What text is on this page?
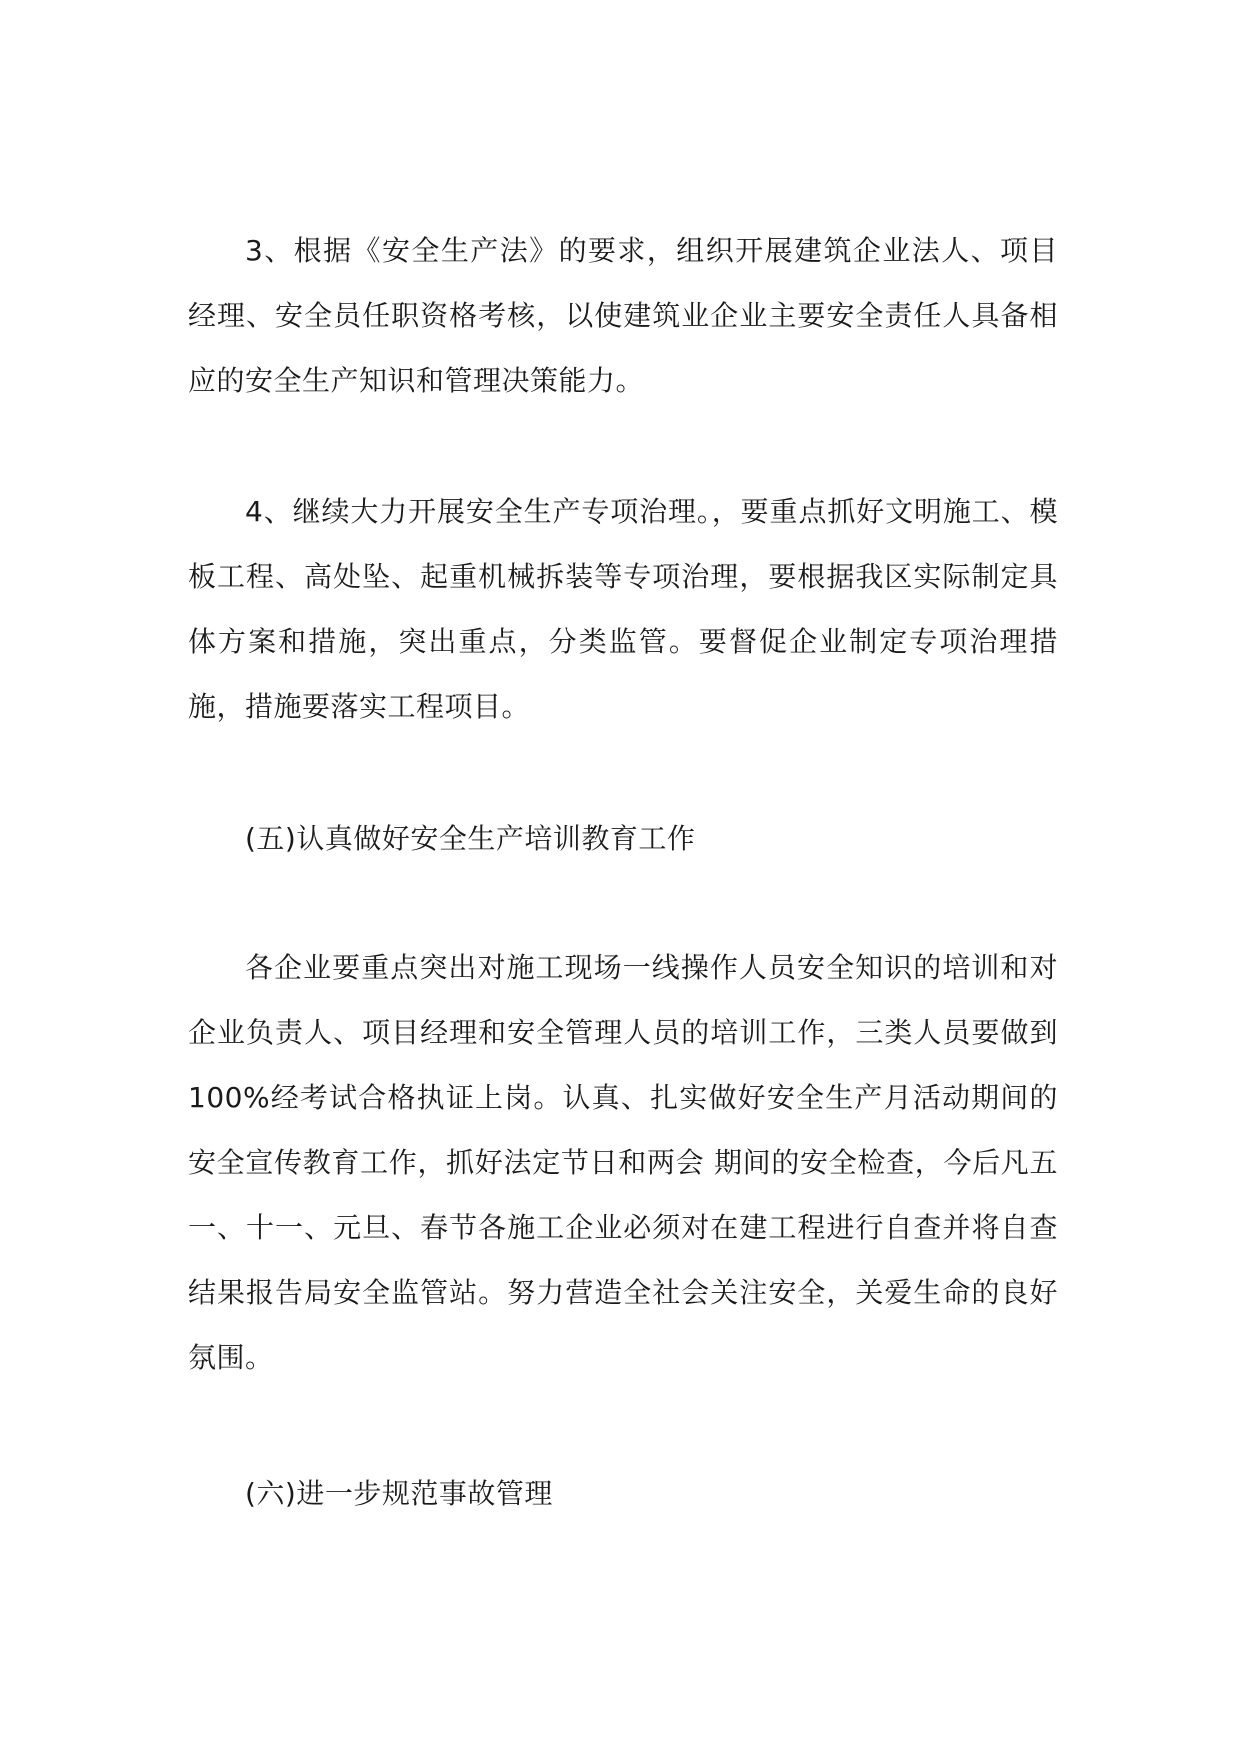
3、根据《安全生产法》的要求，组织开展建筑企业法人、项目经理、安全员任职资格考核，以使建筑业企业主要安全责任人具备相应的安全生产知识和管理决策能力。

4、继续大力开展安全生产专项治理。，要重点抓好文明施工、模板工程、高处坠、起重机械拆装等专项治理，要根据我区实际制定具体方案和措施，突出重点，分类监管。要督促企业制定专项治理措施，措施要落实工程项目。

(五)认真做好安全生产培训教育工作

各企业要重点突出对施工现场一线操作人员安全知识的培训和对企业负责人、项目经理和安全管理人员的培训工作，三类人员要做到 100%经考试合格执证上岗。认真、扎实做好安全生产月活动期间的安全宣传教育工作，抓好法定节日和两会 期间的安全检查，今后凡五一、十一、元旦、春节各施工企业必须对在建工程进行自查并将自查结果报告局安全监管站。努力营造全社会关注安全，关爱生命的良好氛围。

(六)进一步规范事故管理
